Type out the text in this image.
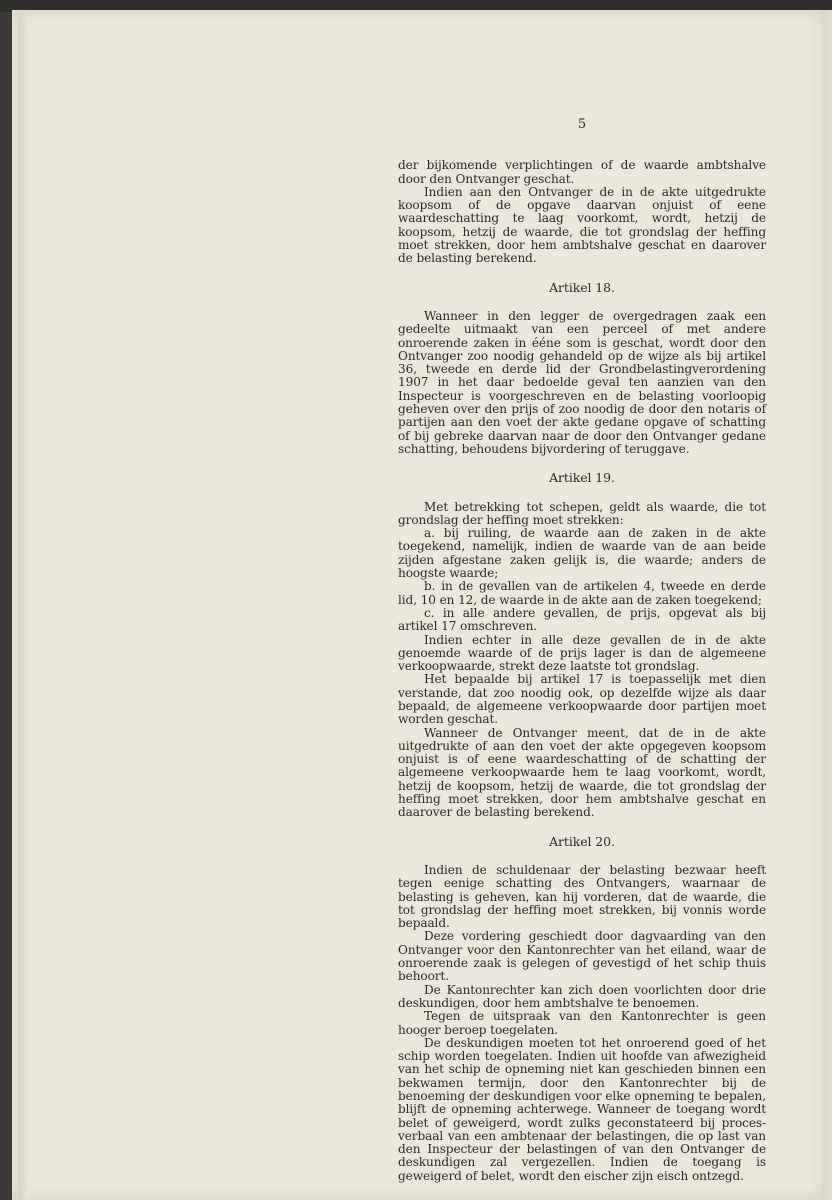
5

der bijkomende verplichtingen of de waarde ambtshalve door den Ontvanger geschat.

Indien aan den Ontvanger de in de akte uitgedrukte koopsom of de opgave daarvan onjuist of eene waardeschatting te laag voorkomt, wordt, hetzij de koopsom, hetzij de waarde, die tot grondslag der heffing moet strekken, door hem ambtshalve geschat en daarover de belasting berekend.

Artikel 18.

Wanneer in den legger de overgedragen zaak een gedeelte uitmaakt van een perceel of met andere onroerende zaken in ééne som is geschat, wordt door den Ontvanger zoo noodig gehandeld op de wijze als bij artikel 36, tweede en derde lid der Grondbelastingverordening 1907 in het daar bedoelde geval ten aanzien van den Inspecteur is voorgeschreven en de belasting voorloopig geheven over den prijs of zoo noodig de door den notaris of partijen aan den voet der akte gedane opgave of schatting of bij gebreke daarvan naar de door den Ontvanger gedane schatting, behoudens bijvordering of teruggave.

Artikel 19.

Met betrekking tot schepen, geldt als waarde, die tot grondslag der heffing moet strekken:

a. bij ruiling, de waarde aan de zaken in de akte toegekend, namelijk, indien de waarde van de aan beide zijden afgestane zaken gelijk is, die waarde; anders de hoogste waarde;

b. in de gevallen van de artikelen 4, tweede en derde lid, 10 en 12, de waarde in de akte aan de zaken toegekend;

c. in alle andere gevallen, de prijs, opgevat als bij artikel 17 omschreven.

Indien echter in alle deze gevallen de in de akte genoemde waarde of de prijs lager is dan de algemeene verkoopwaarde, strekt deze laatste tot grondslag.

Het bepaalde bij artikel 17 is toepasselijk met dien verstande, dat zoo noodig ook, op dezelfde wijze als daar bepaald, de algemeene verkoopwaarde door partijen moet worden geschat.

Wanneer de Ontvanger meent, dat de in de akte uitgedrukte of aan den voet der akte opgegeven koopsom onjuist is of eene waardeschatting of de schatting der algemeene verkoopwaarde hem te laag voorkomt, wordt, hetzij de koopsom, hetzij de waarde, die tot grondslag der heffing moet strekken, door hem ambtshalve geschat en daarover de belasting berekend.

Artikel 20.

Indien de schuldenaar der belasting bezwaar heeft tegen eenige schatting des Ontvangers, waarnaar de belasting is geheven, kan hij vorderen, dat de waarde, die tot grondslag der heffing moet strekken, bij vonnis worde bepaald.

Deze vordering geschiedt door dagvaarding van den Ontvanger voor den Kantonrechter van het eiland, waar de onroerende zaak is gelegen of gevestigd of het schip thuis behoort.

De Kantonrechter kan zich doen voorlichten door drie deskundigen, door hem ambtshalve te benoemen.

Tegen de uitspraak van den Kantonrechter is geen hooger beroep toegelaten.

De deskundigen moeten tot het onroerend goed of het schip worden toegelaten. Indien uit hoofde van afwezigheid van het schip de opneming niet kan geschieden binnen een bekwamen termijn, door den Kantonrechter bij de benoeming der deskundigen voor elke opneming te bepalen, blijft de opneming achterwege. Wanneer de toegang wordt belet of geweigerd, wordt zulks geconstateerd bij proces-verbaal van een ambtenaar der belastingen, die op last van den Inspecteur der belastingen of van den Ontvanger de deskundigen zal vergezellen. Indien de toegang is geweigerd of belet, wordt den eischer zijn eisch ontzegd.
